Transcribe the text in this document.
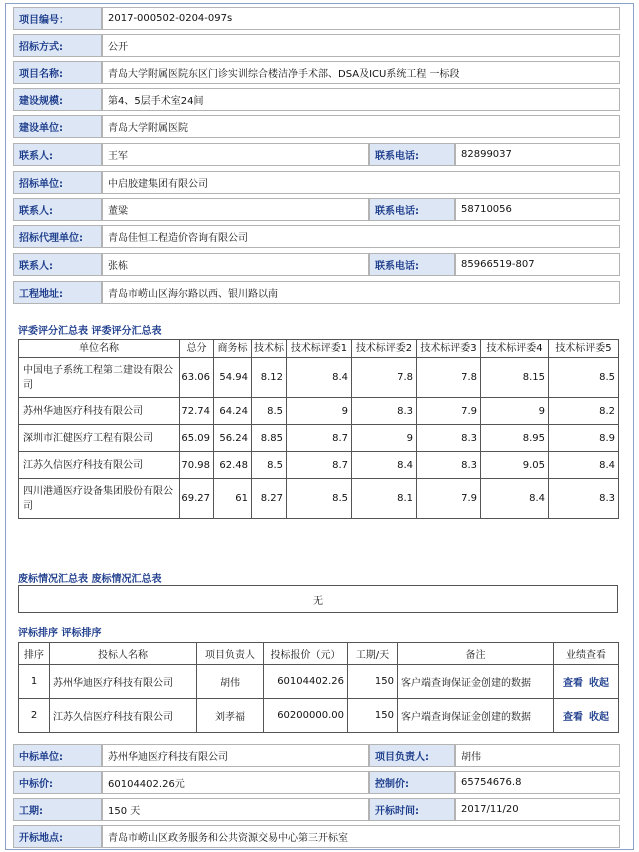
项目编号：	2017-000502-0204-097s
招标方式:	公开
项目名称:	青岛大学附属医院东区门诊实训综合楼洁净手术部、DSA及ICU系统工程 一标段
建设规模:	第4、5层手术室24间
建设单位:	青岛大学附属医院
联系人:	王军	联系电话:	82899037
招标单位:	中启胶建集团有限公司
联系人:	董粱	联系电话:	58710056
招标代理单位:	青岛佳恒工程造价咨询有限公司
联系人:	张栋	联系电话:	85966519-807
工程地址:	青岛市崂山区海尔路以西、银川路以南
评委评分汇总表 评委评分汇总表
单位名称	总分	商务标	技术标	技术标评委1	技术标评委2	技术标评委3	技术标评委4	技术标评委5
中国电子系统工程第二建设有限公司	63.06	54.94	8.12	8.4	7.8	7.8	8.15	8.5
苏州华迪医疗科技有限公司	72.74	64.24	8.5	9	8.3	7.9	9	8.2
深圳市汇健医疗工程有限公司	65.09	56.24	8.85	8.7	9	8.3	8.95	8.9
江苏久信医疗科技有限公司	70.98	62.48	8.5	8.7	8.4	8.3	9.05	8.4
四川港通医疗设备集团股份有限公司	69.27	61	8.27	8.5	8.1	7.9	8.4	8.3
废标情况汇总表 废标情况汇总表
无
评标排序 评标排序
排序	投标人名称	项目负责人	投标报价（元）	工期/天	备注	业绩查看
1	苏州华迪医疗科技有限公司	胡伟	60104402.26	150	客户端查询保证金创建的数据	查看 收起
2	江苏久信医疗科技有限公司	刘孝福	60200000.00	150	客户端查询保证金创建的数据	查看 收起
中标单位:	苏州华迪医疗科技有限公司	项目负责人:	胡伟
中标价:	60104402.26元	控制价:	65754676.8
工期:	150 天	开标时间:	2017/11/20
开标地点:	青岛市崂山区政务服务和公共资源交易中心第三开标室
